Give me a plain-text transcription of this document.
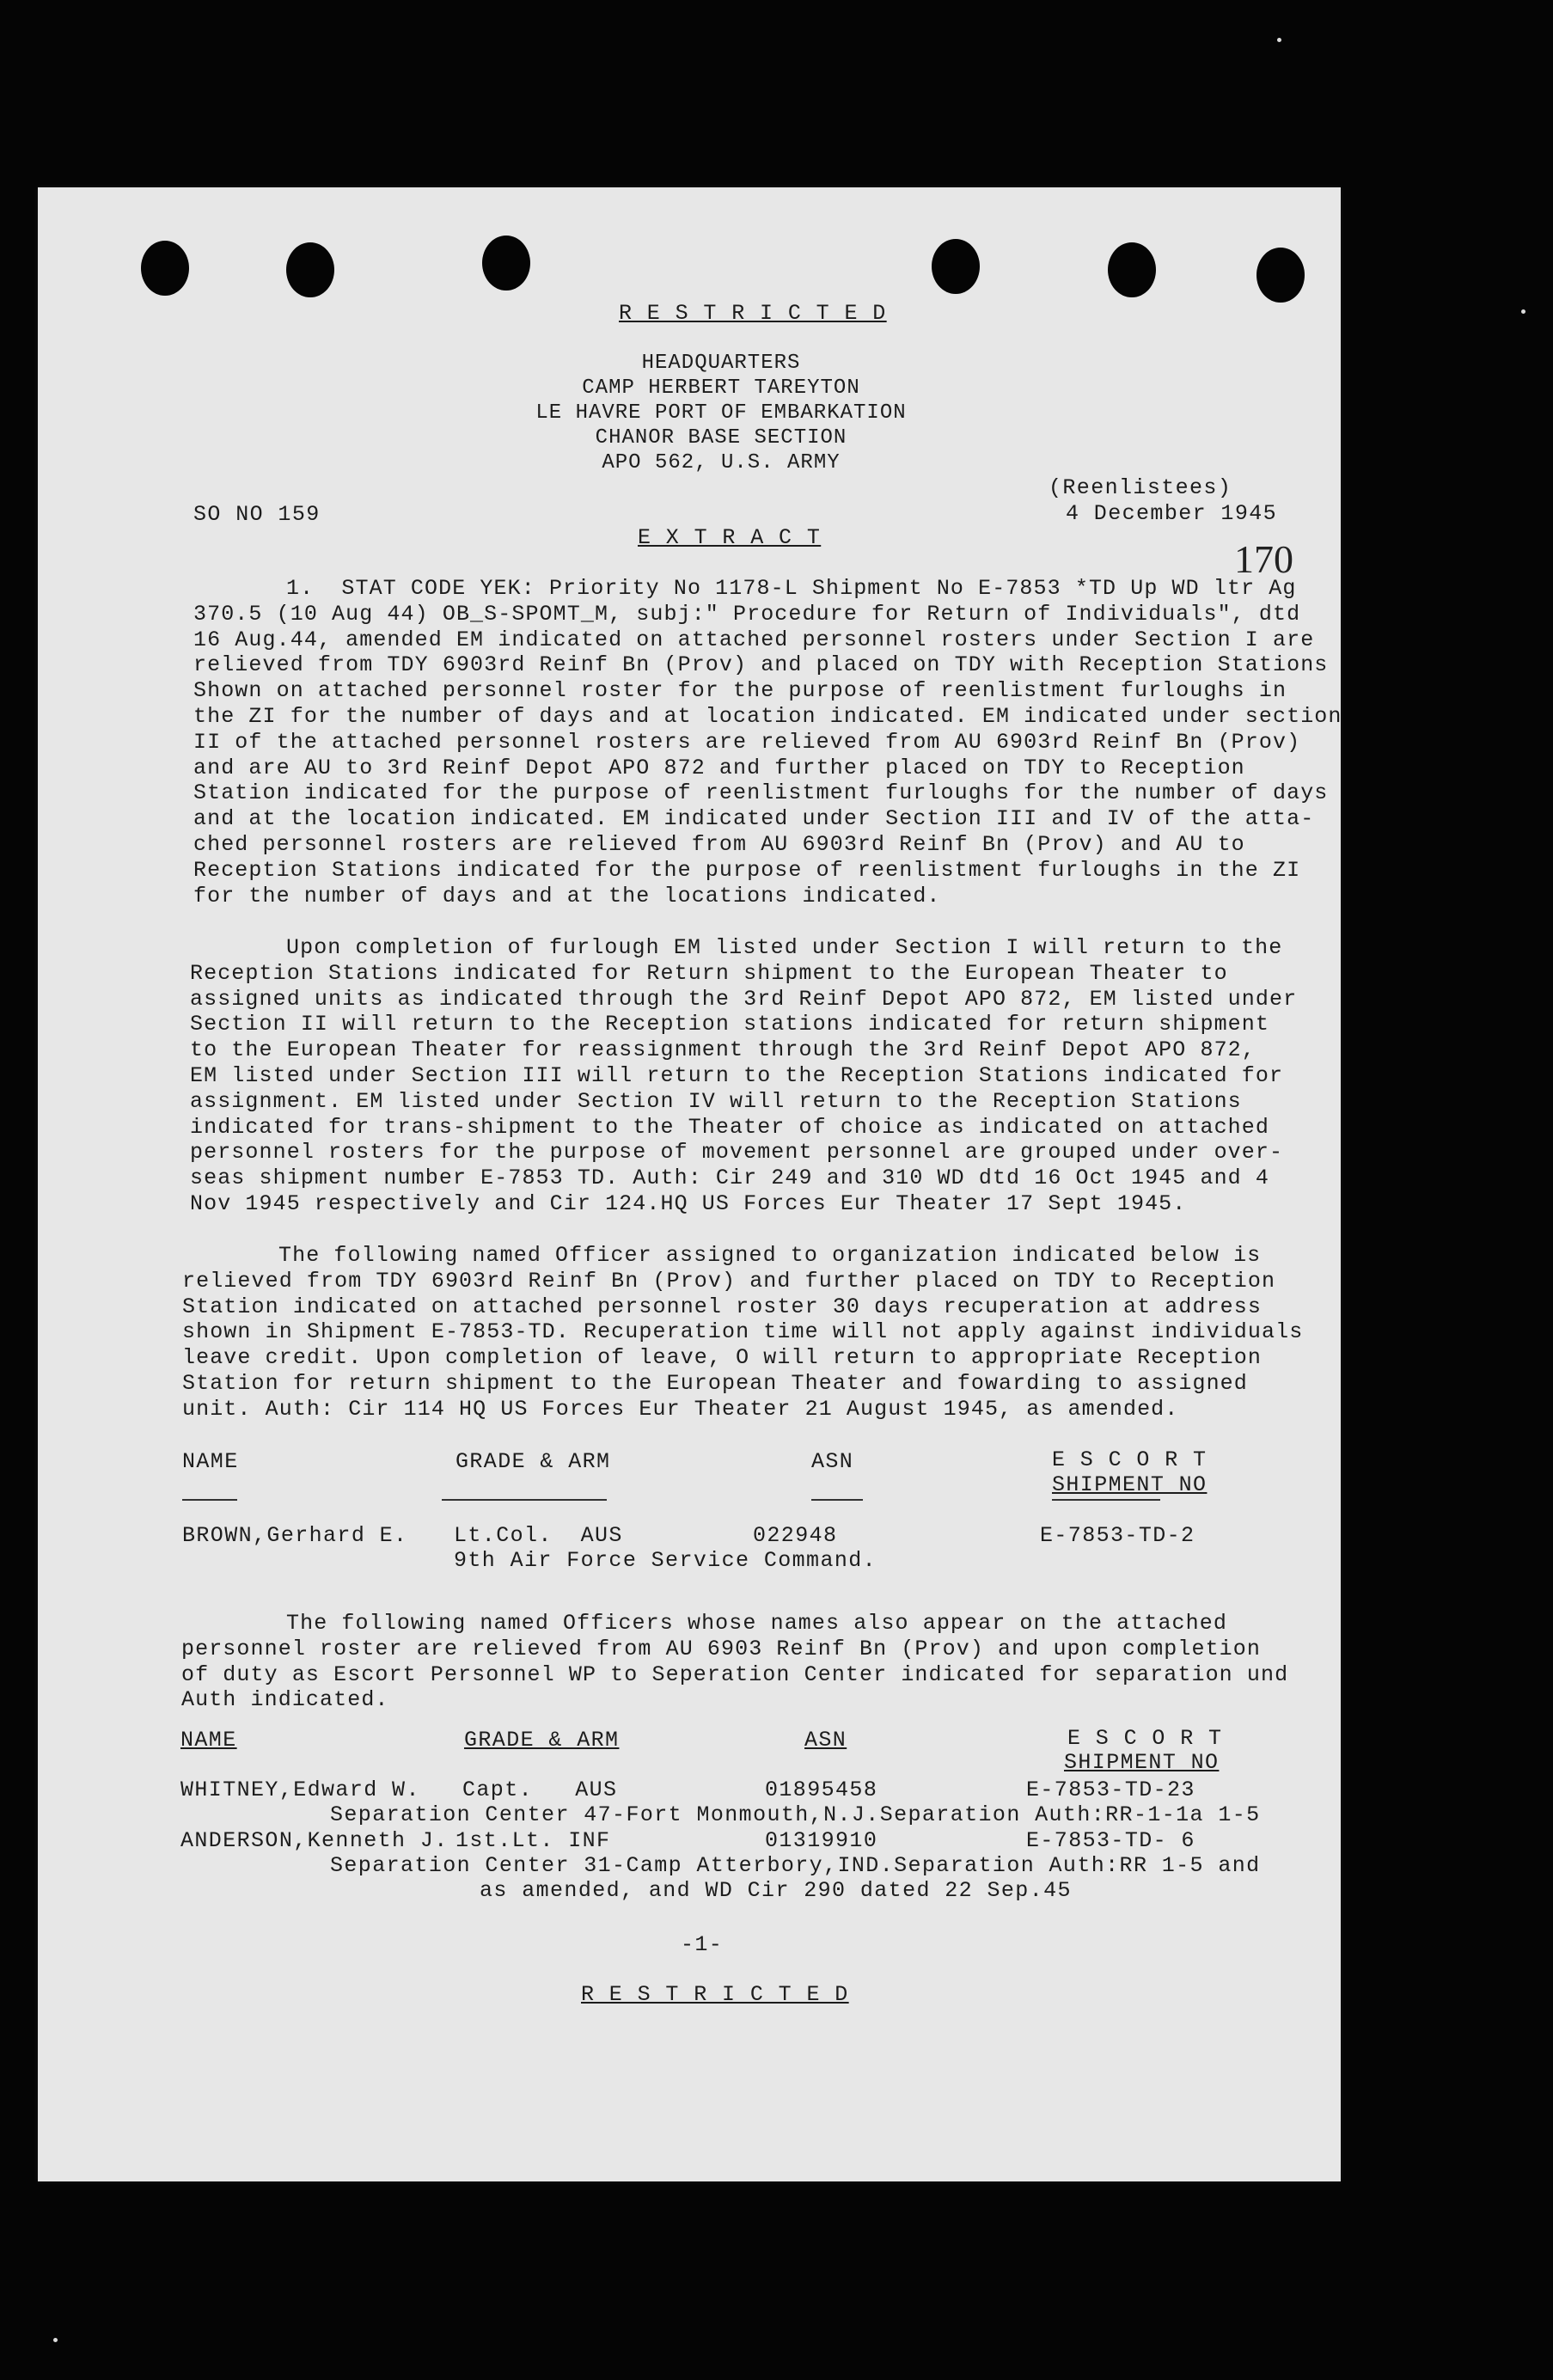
R E S T R I C T E D
HEADQUARTERS
CAMP HERBERT TAREYTON
LE HAVRE PORT OF EMBARKATION
CHANOR BASE SECTION
APO 562, U.S. ARMY
(Reenlistees)
SO NO 159	4 December 1945
E X T R A C T	170
1.  STAT CODE YEK: Priority No 1178-L Shipment No E-7853 *TD Up WD ltr Ag
370.5 (10 Aug 44) OB_S-SPOMT_M, subj:" Procedure for Return of Individuals", dtd
16 Aug.44, amended EM indicated on attached personnel rosters under Section I are
relieved from TDY 6903rd Reinf Bn (Prov) and placed on TDY with Reception Stations
Shown on attached personnel roster for the purpose of reenlistment furloughs in
the ZI for the number of days and at location indicated. EM indicated under section
II of the attached personnel rosters are relieved from AU 6903rd Reinf Bn (Prov)
and are AU to 3rd Reinf Depot APO 872 and further placed on TDY to Reception
Station indicated for the purpose of reenlistment furloughs for the number of days
and at the location indicated. EM indicated under Section III and IV of the atta-
ched personnel rosters are relieved from AU 6903rd Reinf Bn (Prov) and AU to
Reception Stations indicated for the purpose of reenlistment furloughs in the ZI
for the number of days and at the locations indicated.
Upon completion of furlough EM listed under Section I will return to the
Reception Stations indicated for Return shipment to the European Theater to
assigned units as indicated through the 3rd Reinf Depot APO 872, EM listed under
Section II will return to the Reception stations indicated for return shipment
to the European Theater for reassignment through the 3rd Reinf Depot APO 872,
EM listed under Section III will return to the Reception Stations indicated for
assignment. EM listed under Section IV will return to the Reception Stations
indicated for trans-shipment to the Theater of choice as indicated on attached
personnel rosters for the purpose of movement personnel are grouped under over-
seas shipment number E-7853 TD. Auth: Cir 249 and 310 WD dtd 16 Oct 1945 and 4
Nov 1945 respectively and Cir 124.HQ US Forces Eur Theater 17 Sept 1945.
The following named Officer assigned to organization indicated below is
relieved from TDY 6903rd Reinf Bn (Prov) and further placed on TDY to Reception
Station indicated on attached personnel roster 30 days recuperation at address
shown in Shipment E-7853-TD. Recuperation time will not apply against individuals
leave credit. Upon completion of leave, O will return to appropriate Reception
Station for return shipment to the European Theater and fowarding to assigned
unit. Auth: Cir 114 HQ US Forces Eur Theater 21 August 1945, as amended.
NAME	GRADE & ARM	ASN	E S C O R T
SHIPMENT NO
BROWN,Gerhard E. Lt.Col.  AUS	022948	E-7853-TD-2
9th Air Force Service Command.
The following named Officers whose names also appear on the attached
personnel roster are relieved from AU 6903 Reinf Bn (Prov) and upon completion
of duty as Escort Personnel WP to Seperation Center indicated for separation und
Auth indicated.
NAME	GRADE & ARM	ASN	E S C O R T
SHIPMENT NO
WHITNEY,Edward W. Capt.   AUS	01895458	E-7853-TD-23
Separation Center 47-Fort Monmouth,N.J.Separation Auth:RR-1-1a 1-5
ANDERSON,Kenneth J. 1st.Lt. INF	01319910	E-7853-TD- 6
Separation Center 31-Camp Atterbory,IND.Separation Auth:RR 1-5 and
as amended, and WD Cir 290 dated 22 Sep.45
-1-
R E S T R I C T E D
